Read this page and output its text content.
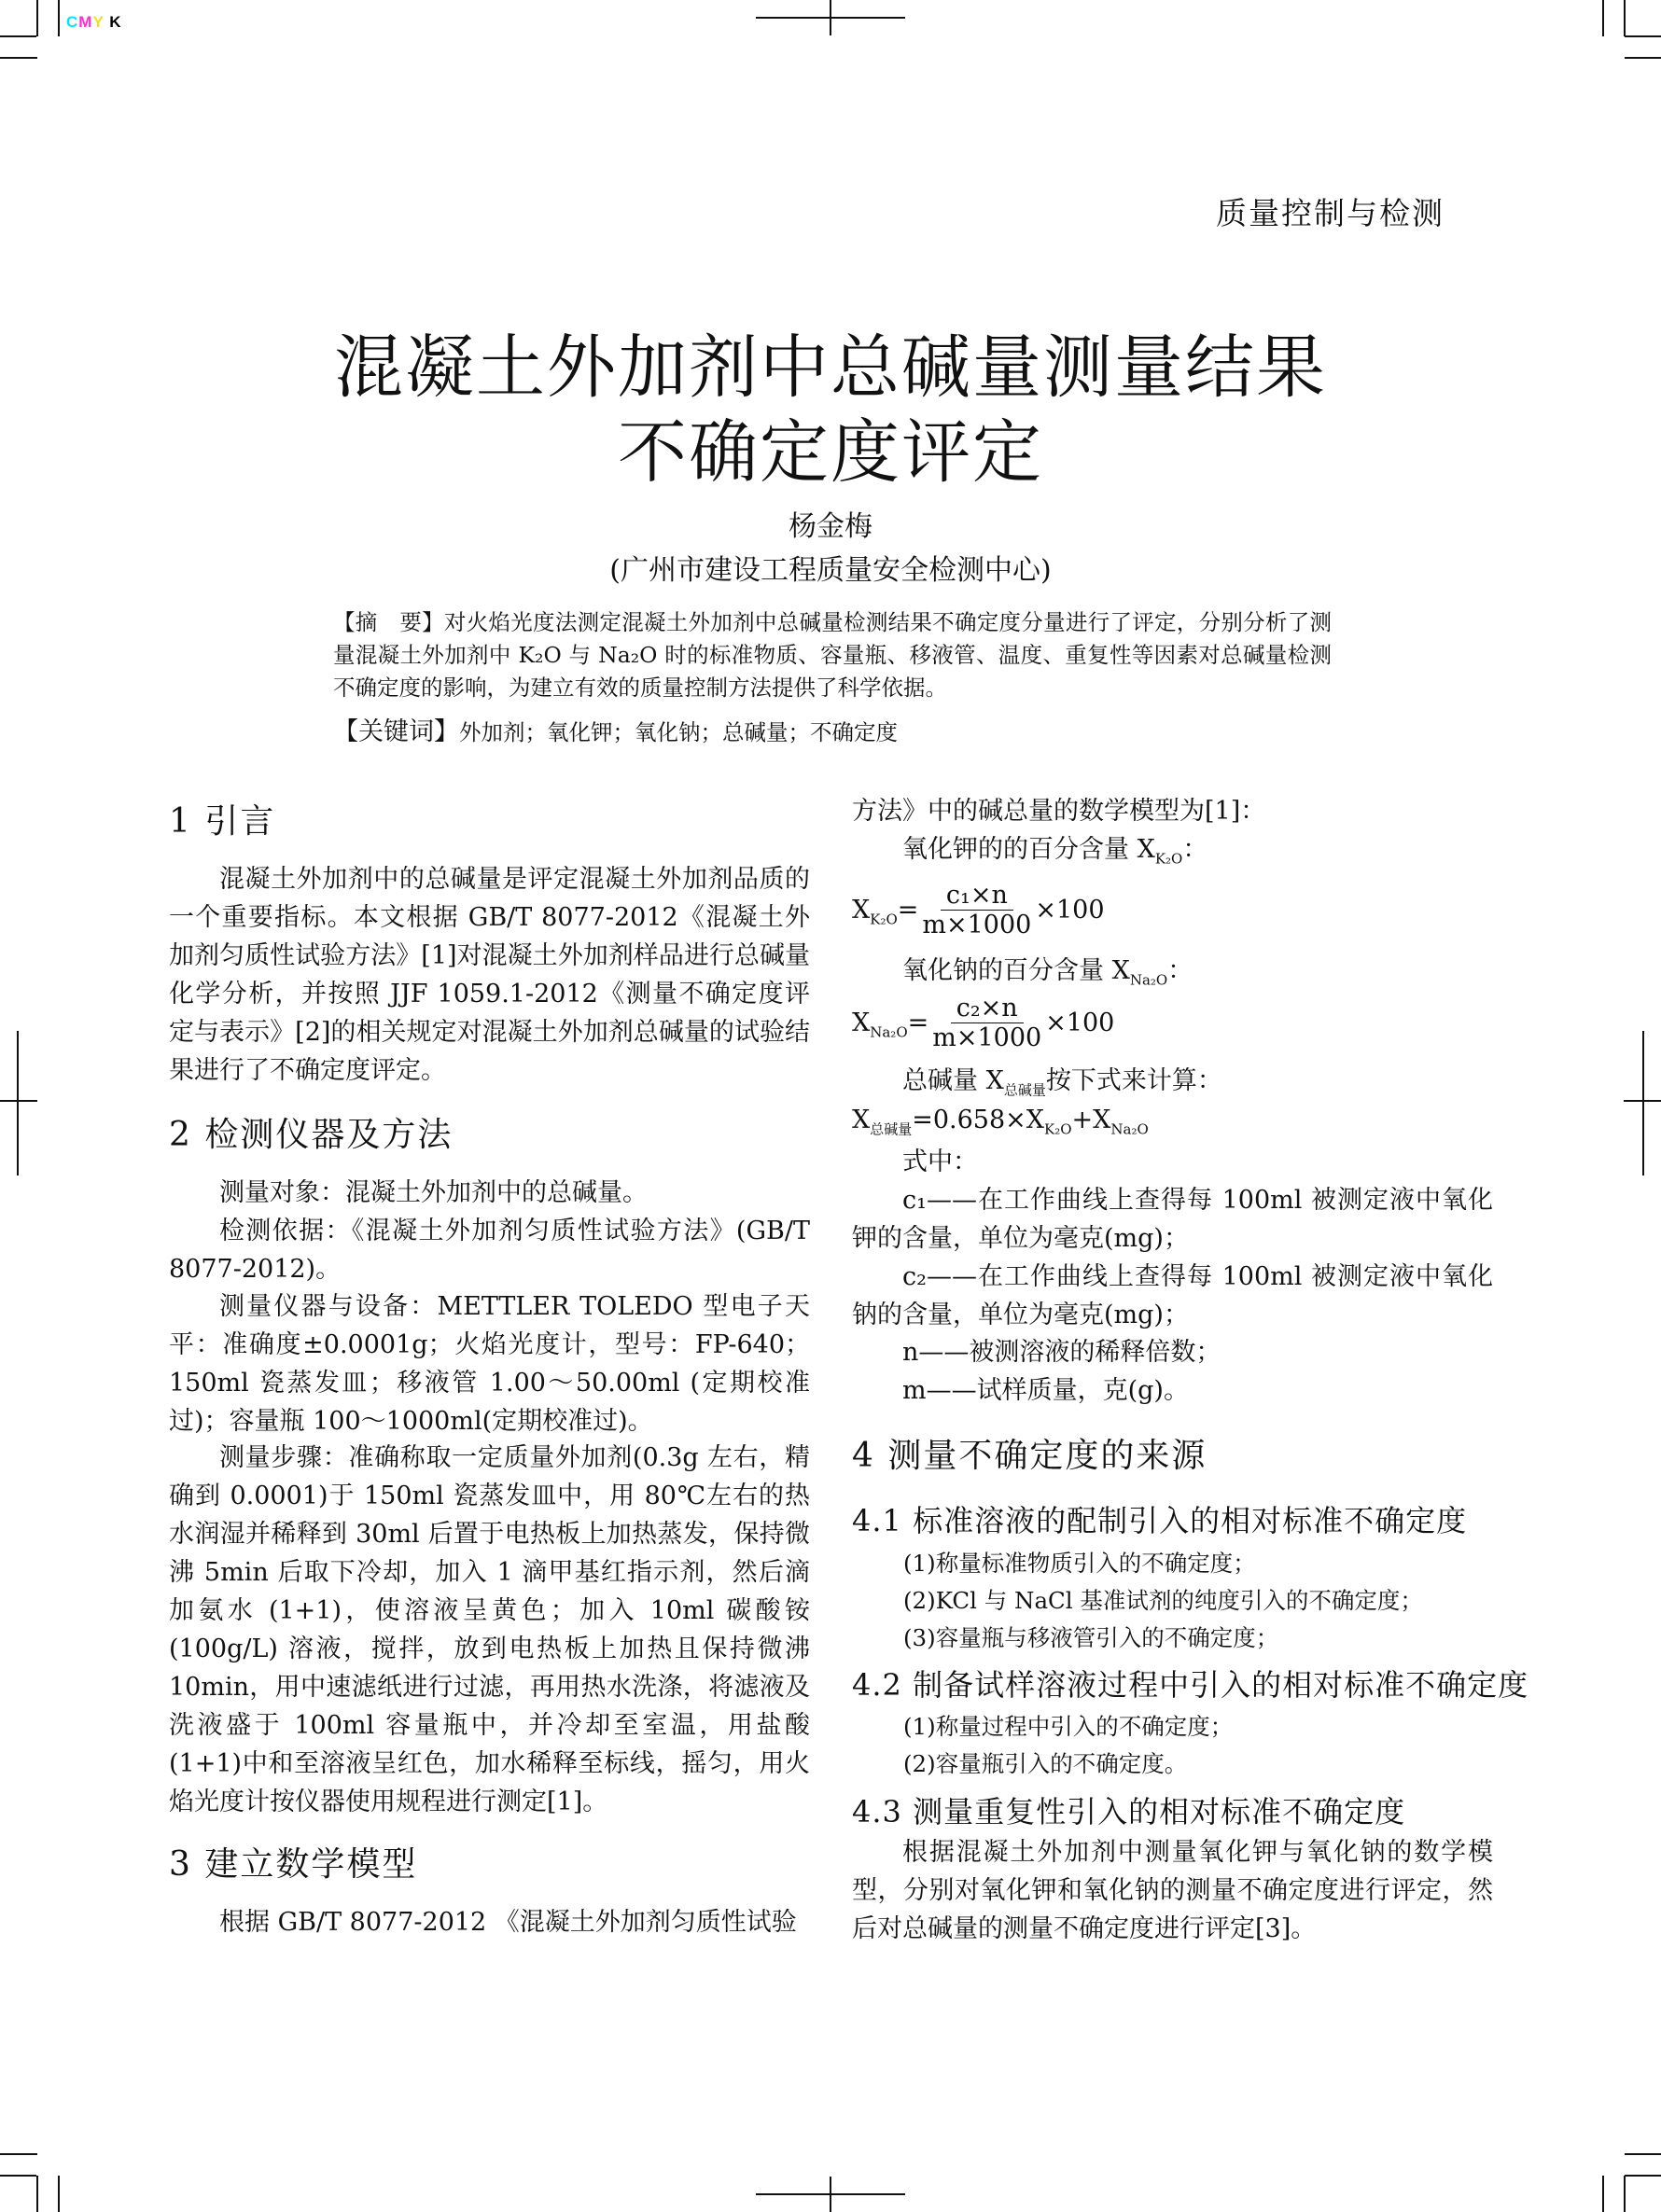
CMY K
质量控制与检测
混凝土外加剂中总碱量测量结果
不确定度评定
杨金梅
(广州市建设工程质量安全检测中心)
【摘　要】对火焰光度法测定混凝土外加剂中总碱量检测结果不确定度分量进行了评定，分别分析了测量混凝土外加剂中 K₂O 与 Na₂O 时的标准物质、容量瓶、移液管、温度、重复性等因素对总碱量检测不确定度的影响，为建立有效的质量控制方法提供了科学依据。
【关键词】外加剂；氧化钾；氧化钠；总碱量；不确定度
1 引言
混凝土外加剂中的总碱量是评定混凝土外加剂品质的一个重要指标。本文根据 GB/T 8077-2012《混凝土外加剂匀质性试验方法》[1]对混凝土外加剂样品进行总碱量化学分析，并按照 JJF 1059.1-2012《测量不确定度评定与表示》[2]的相关规定对混凝土外加剂总碱量的试验结果进行了不确定度评定。
2 检测仪器及方法
测量对象：混凝土外加剂中的总碱量。
检测依据：《混凝土外加剂匀质性试验方法》(GB/T 8077-2012)。
测量仪器与设备：METTLER TOLEDO 型电子天平：准确度±0.0001g；火焰光度计，型号：FP-640；150ml 瓷蒸发皿；移液管 1.00～50.00ml (定期校准过)；容量瓶 100～1000ml(定期校准过)。
测量步骤：准确称取一定质量外加剂(0.3g 左右，精确到 0.0001)于 150ml 瓷蒸发皿中，用 80℃左右的热水润湿并稀释到 30ml 后置于电热板上加热蒸发，保持微沸 5min 后取下冷却，加入 1 滴甲基红指示剂，然后滴加氨水 (1+1)，使溶液呈黄色；加入 10ml 碳酸铵 (100g/L) 溶液，搅拌，放到电热板上加热且保持微沸 10min，用中速滤纸进行过滤，再用热水洗涤，将滤液及洗液盛于 100ml 容量瓶中，并冷却至室温，用盐酸(1+1)中和至溶液呈红色，加水稀释至标线，摇匀，用火焰光度计按仪器使用规程进行测定[1]。
3 建立数学模型
根据 GB/T 8077-2012 《混凝土外加剂匀质性试验
方法》中的碱总量的数学模型为[1]：
氧化钾的的百分含量 $X_{K_2O}$：
$X_{K_2O}= \frac{\text{c₁×n}}{m\times 1000} \times 100$
氧化钠的百分含量 $X_{Na_2O}$：
$X_{Na_2O}= \frac{\text{c₂×n}}{m\times 1000} \times 100$
总碱量 $X_{总碱量}$按下式来计算：
$X_{总碱量}=0.658\times X_{K_2O}+X_{Na_2O}$
式中：
c₁——在工作曲线上查得每 100ml 被测定液中氧化钾的含量，单位为毫克(mg)；
c₂——在工作曲线上查得每 100ml 被测定液中氧化钠的含量，单位为毫克(mg)；
n——被测溶液的稀释倍数；
m——试样质量，克(g)。
4 测量不确定度的来源
4.1 标准溶液的配制引入的相对标准不确定度
(1)称量标准物质引入的不确定度；
(2)KCl 与 NaCl 基准试剂的纯度引入的不确定度；
(3)容量瓶与移液管引入的不确定度；
4.2 制备试样溶液过程中引入的相对标准不确定度
(1)称量过程中引入的不确定度；
(2)容量瓶引入的不确定度。
4.3 测量重复性引入的相对标准不确定度
根据混凝土外加剂中测量氧化钾与氧化钠的数学模型，分别对氧化钾和氧化钠的测量不确定度进行评定，然后对总碱量的测量不确定度进行评定[3]。
